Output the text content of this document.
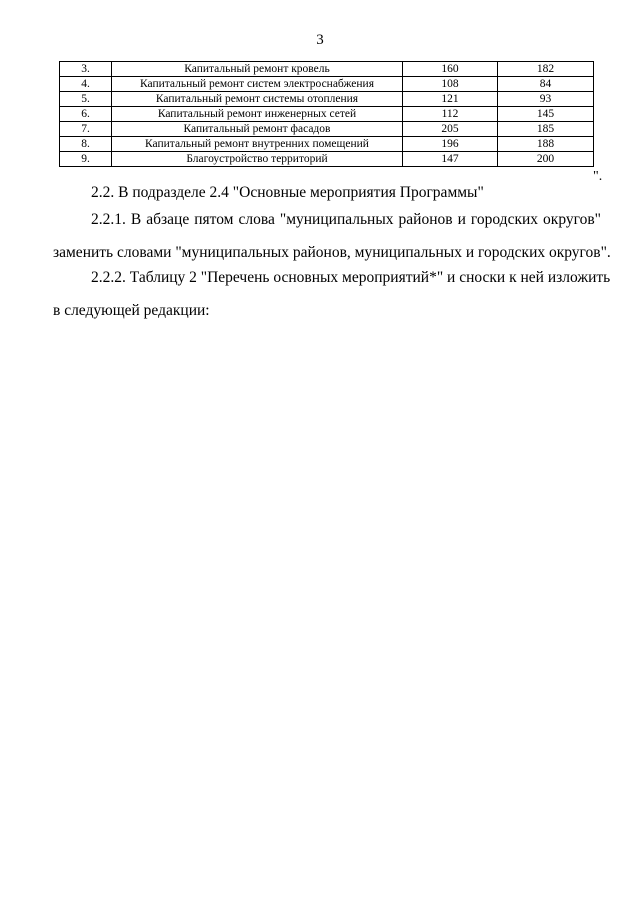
3
3.	Капитальный ремонт кровель	160	182
4.	Капитальный ремонт систем электроснабжения	108	84
5.	Капитальный ремонт системы отопления	121	93
6.	Капитальный ремонт инженерных сетей	112	145
7.	Капитальный ремонт фасадов	205	185
8.	Капитальный ремонт внутренних помещений	196	188
9.	Благоустройство территорий	147	200
".

2.2. В подразделе 2.4 "Основные мероприятия Программы"

2.2.1. В абзаце пятом слова "муниципальных районов и городских округов"
заменить словами "муниципальных районов, муниципальных и городских округов".

2.2.2. Таблицу 2 "Перечень основных мероприятий*" и сноски к ней изложить
в следующей редакции:
